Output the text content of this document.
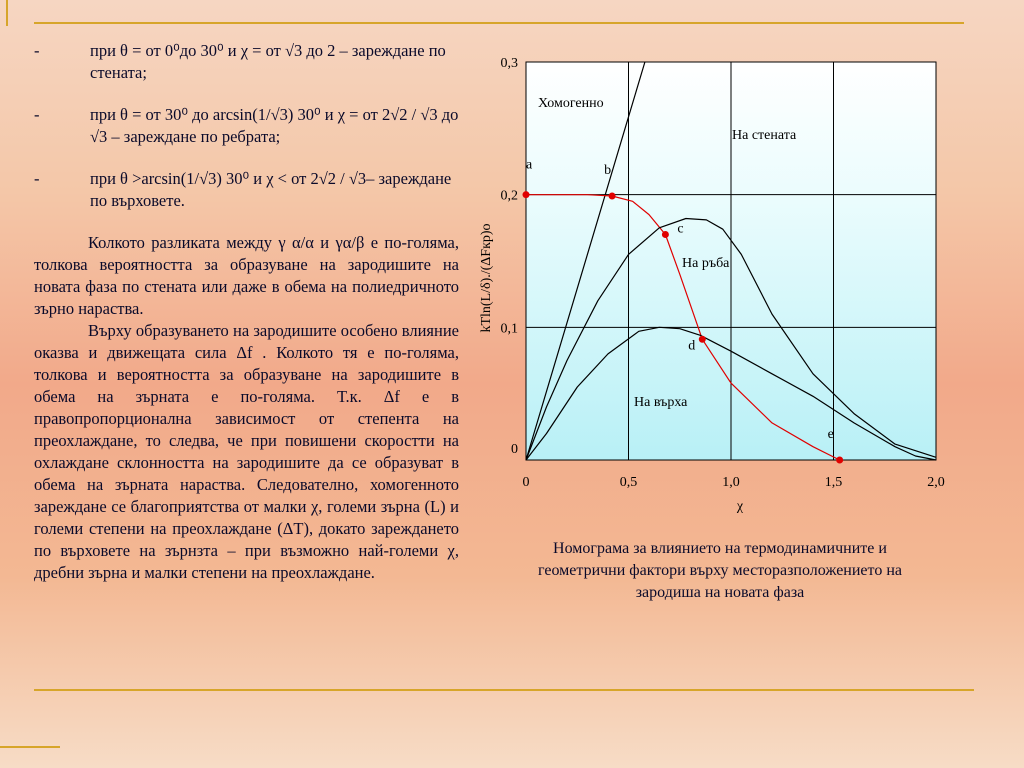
-	при θ = от 0⁰до 30⁰ и χ = от √3 до 2 – зареждане по стената;
-	при θ = от 30⁰ до arcsin(1/√3) 30⁰ и χ = от 2√2 / √3 до √3 – зареждане по ребрата;
-	при θ >arcsin(1/√3) 30⁰ и χ < от 2√2 / √3– зареждане по върховете.

Колкото разликата между γ α/α и γα/β е по-голяма, толкова вероятността за образуване на зародишите на новата фаза по стената или даже в обема на полиедричното зърно нараства.

Върху образуването на зародишите особено влияние оказва и движещата сила Δf . Колкото тя е по-голяма, толкова и вероятността за образуване на зародишите в обема на зърната е по-голяма. Т.к. Δf е в правопропорционална зависимост от степента на преохлаждане, то следва, че при повишени скоростти на охлаждане склонността на зародишите да се образуват в обема на зърната нараства. Следователно, хомогенното зареждане се благоприятства от малки χ, големи зърна (L) и големи степени на преохлаждане (ΔT), докато зареждането по върховете на зърнзта – при възможно най-големи χ, дребни зърна и малки степени на преохлаждане.

a	b
c
d
e
Хомогенно
На стената
На ръба
На върха
0	0,5	1,0	1,5	2,0
0
0,1
0,2
0,3
χ
kTln(L/δ)./(ΔFкр)о
Номограма за влиянието на термодинамичните и геометрични фактори върху месторазположението на зародиша на новата фаза
